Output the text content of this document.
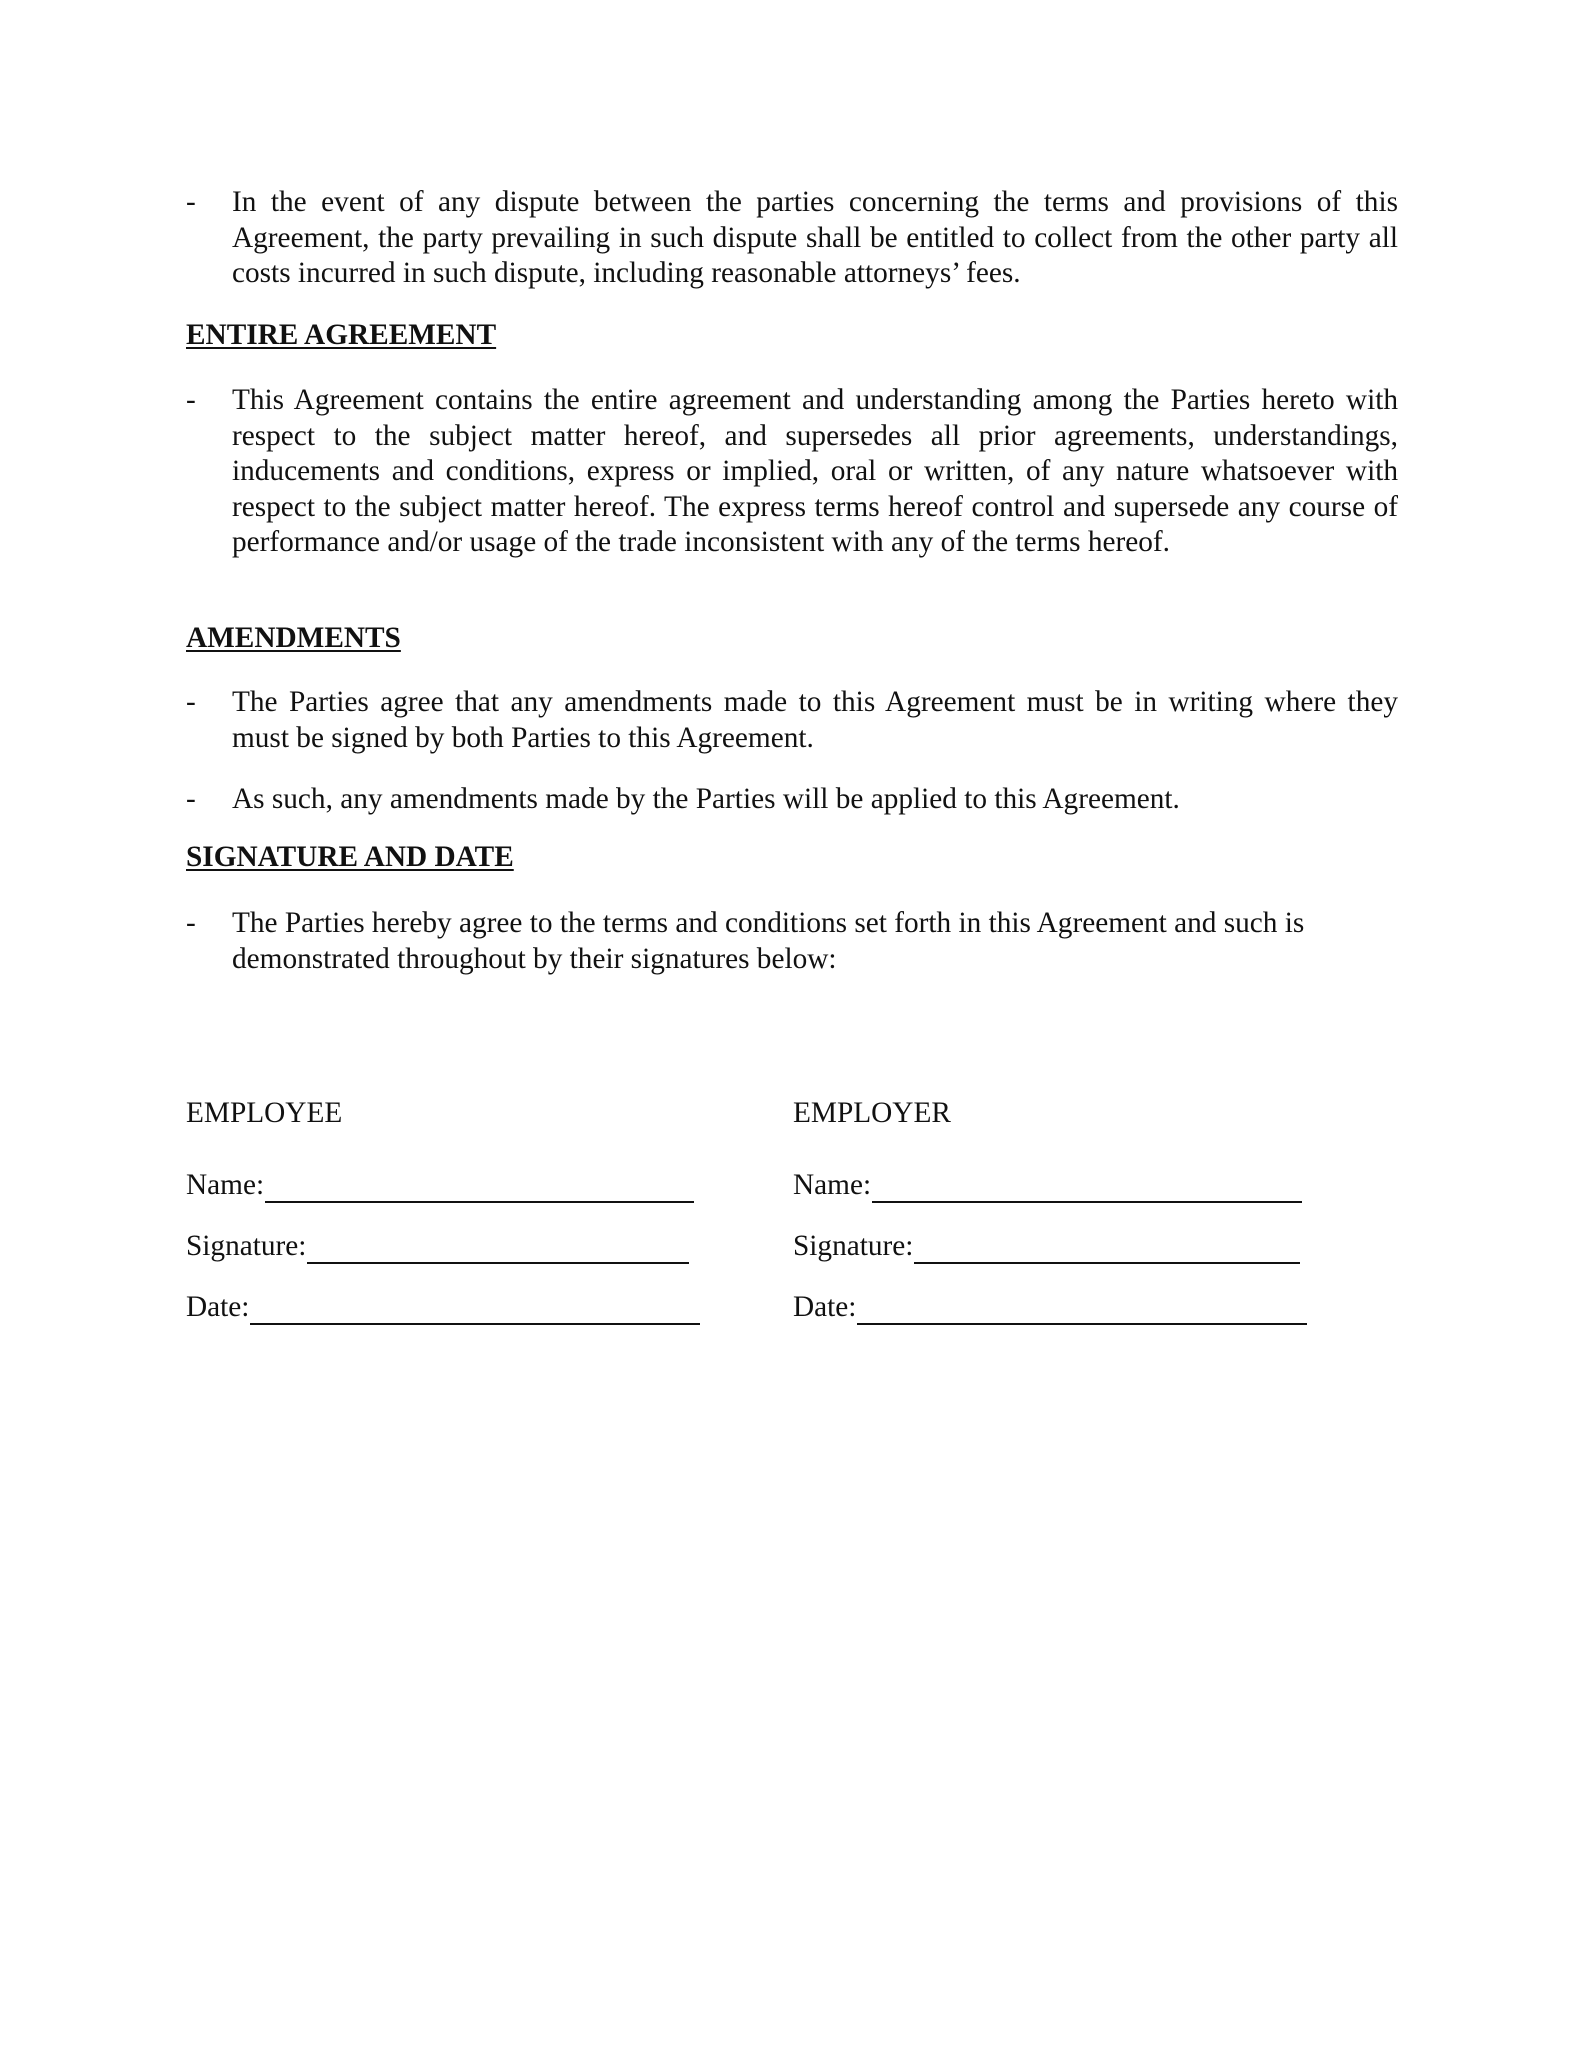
- In the event of any dispute between the parties concerning the terms and provisions of this Agreement, the party prevailing in such dispute shall be entitled to collect from the other party all costs incurred in such dispute, including reasonable attorneys’ fees.
ENTIRE AGREEMENT
- This Agreement contains the entire agreement and understanding among the Parties hereto with respect to the subject matter hereof, and supersedes all prior agreements, understandings, inducements and conditions, express or implied, oral or written, of any nature whatsoever with respect to the subject matter hereof. The express terms hereof control and supersede any course of performance and/or usage of the trade inconsistent with any of the terms hereof.
AMENDMENTS
- The Parties agree that any amendments made to this Agreement must be in writing where they must be signed by both Parties to this Agreement.
- As such, any amendments made by the Parties will be applied to this Agreement.
SIGNATURE AND DATE
- The Parties hereby agree to the terms and conditions set forth in this Agreement and such is demonstrated throughout by their signatures below:
EMPLOYEE
Name:
Signature:
Date:
EMPLOYER
Name:
Signature:
Date:
